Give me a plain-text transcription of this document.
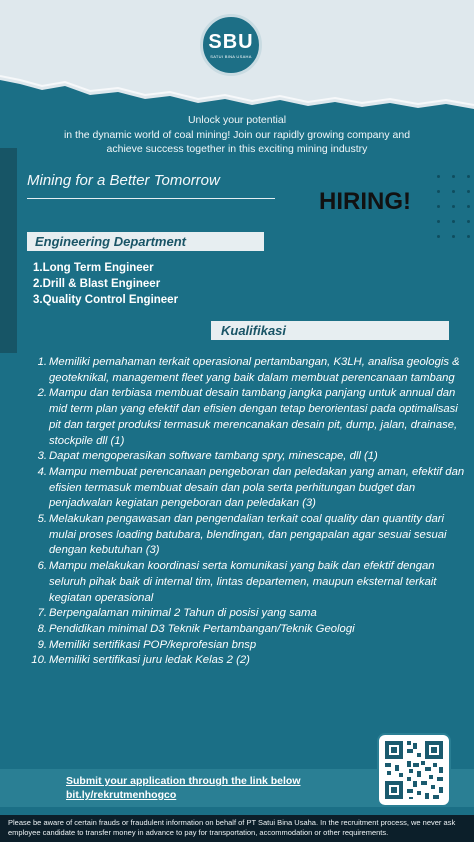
SBU
SATUI BINA USAHA
Unlock your potential
in the dynamic world of coal mining! Join our rapidly growing company and
achieve success together in this exciting mining industry
Mining for a Better Tomorrow
HIRING!
Engineering Department
1.Long Term Engineer
2.Drill & Blast Engineer
3.Quality Control Engineer
Kualifikasi
1. Memiliki pemahaman terkait operasional pertambangan, K3LH, analisa geologis & geoteknikal, management fleet yang baik dalam membuat perencanaan tambang
2. Mampu dan terbiasa membuat desain tambang jangka panjang untuk annual dan mid term plan yang efektif dan efisien dengan tetap berorientasi pada optimalisasi pit dan target produksi termasuk merencanakan desain pit, dump, jalan, drainase, stockpile dll (1)
3. Dapat mengoperasikan software tambang spry, minescape, dll (1)
4. Mampu membuat perencanaan pengeboran dan peledakan yang aman, efektif dan efisien termasuk membuat desain dan pola serta perhitungan budget dan penjadwalan kegiatan pengeboran dan peledakan (3)
5. Melakukan pengawasan dan pengendalian terkait coal quality dan quantity dari mulai proses loading batubara, blendingan, dan pengapalan agar sesuai sesuai dengan kebutuhan (3)
6. Mampu melakukan koordinasi serta komunikasi yang baik dan efektif dengan seluruh pihak baik di internal tim, lintas departemen, maupun eksternal terkait kegiatan operasional
7. Berpengalaman minimal 2 Tahun di posisi yang sama
8. Pendidikan minimal D3 Teknik Pertambangan/Teknik Geologi
9. Memiliki sertifikasi POP/keprofesian bnsp
10. Memiliki sertifikasi juru ledak Kelas 2 (2)
Submit your application through the link below
bit.ly/rekrutmenhogco
Please be aware of certain frauds or fraudulent information on behalf of PT Satui Bina Usaha. In the recruitment process, we never ask employee candidate to transfer money in advance to pay for transportation, accommodation or other requirements.
